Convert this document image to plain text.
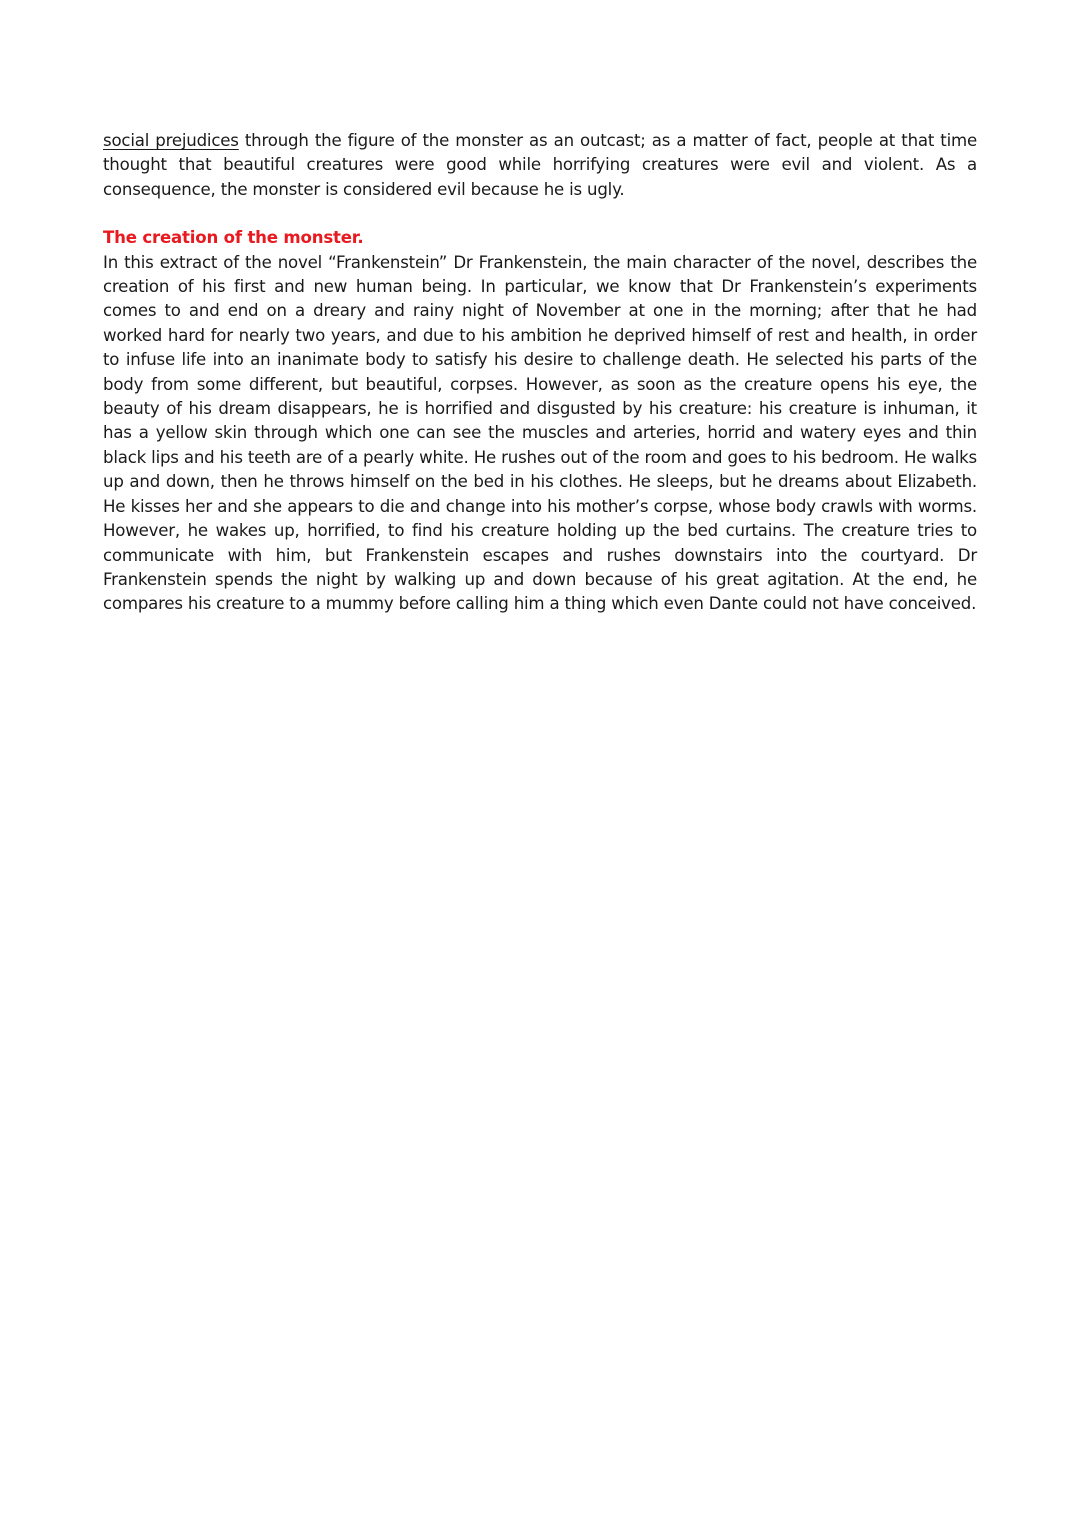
social prejudices through the figure of the monster as an outcast; as a matter of fact, people at that time thought that beautiful creatures were good while horrifying creatures were evil and violent. As a consequence, the monster is considered evil because he is ugly.

The creation of the monster.

In this extract of the novel “Frankenstein” Dr Frankenstein, the main character of the novel, describes the creation of his first and new human being. In particular, we know that Dr Frankenstein’s experiments comes to and end on a dreary and rainy night of November at one in the morning; after that he had worked hard for nearly two years, and due to his ambition he deprived himself of rest and health, in order to infuse life into an inanimate body to satisfy his desire to challenge death. He selected his parts of the body from some different, but beautiful, corpses. However, as soon as the creature opens his eye, the beauty of his dream disappears, he is horrified and disgusted by his creature: his creature is inhuman, it has a yellow skin through which one can see the muscles and arteries, horrid and watery eyes and thin black lips and his teeth are of a pearly white. He rushes out of the room and goes to his bedroom. He walks up and down, then he throws himself on the bed in his clothes. He sleeps, but he dreams about Elizabeth. He kisses her and she appears to die and change into his mother’s corpse, whose body crawls with worms. However, he wakes up, horrified, to find his creature holding up the bed curtains. The creature tries to communicate with him, but Frankenstein escapes and rushes downstairs into the courtyard. Dr Frankenstein spends the night by walking up and down because of his great agitation. At the end, he compares his creature to a mummy before calling him a thing which even Dante could not have conceived.
